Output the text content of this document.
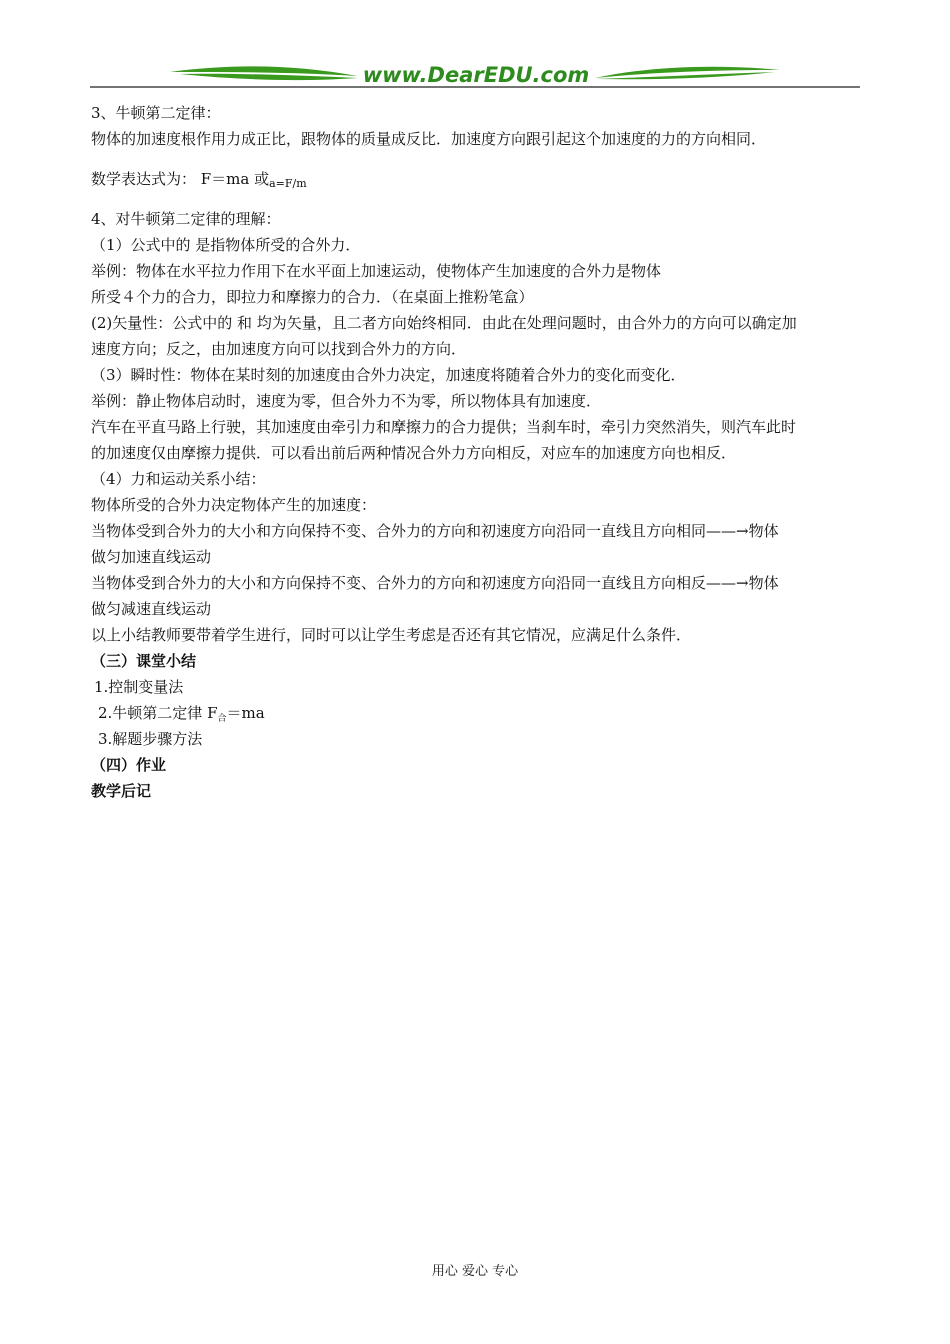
www.DearEDU.com
3、牛顿第二定律：
物体的加速度根作用力成正比，跟物体的质量成反比．加速度方向跟引起这个加速度的力的方向相同．
数学表达式为： F＝ma 或$_{a=F/m}$
4、对牛顿第二定律的理解：
（1）公式中的 是指物体所受的合外力．
举例：物体在水平拉力作用下在水平面上加速运动，使物体产生加速度的合外力是物体
所受４个力的合力，即拉力和摩擦力的合力．（在桌面上推粉笔盒）
(2)矢量性：公式中的 和 均为矢量，且二者方向始终相同．由此在处理问题时，由合外力的方向可以确定加
速度方向；反之，由加速度方向可以找到合外力的方向．
（3）瞬时性：物体在某时刻的加速度由合外力决定，加速度将随着合外力的变化而变化．
举例：静止物体启动时，速度为零，但合外力不为零，所以物体具有加速度．
汽车在平直马路上行驶，其加速度由牵引力和摩擦力的合力提供；当刹车时，牵引力突然消失，则汽车此时
的加速度仅由摩擦力提供．可以看出前后两种情况合外力方向相反，对应车的加速度方向也相反．
（4）力和运动关系小结：
物体所受的合外力决定物体产生的加速度：
当物体受到合外力的大小和方向保持不变、合外力的方向和初速度方向沿同一直线且方向相同——→物体
做匀加速直线运动
当物体受到合外力的大小和方向保持不变、合外力的方向和初速度方向沿同一直线且方向相反——→物体
做匀减速直线运动
以上小结教师要带着学生进行，同时可以让学生考虑是否还有其它情况，应满足什么条件．
（三）课堂小结
1.控制变量法
2.牛顿第二定律 $F_合=ma$
3.解题步骤方法
（四）作业
教学后记
用心 爱心 专心
